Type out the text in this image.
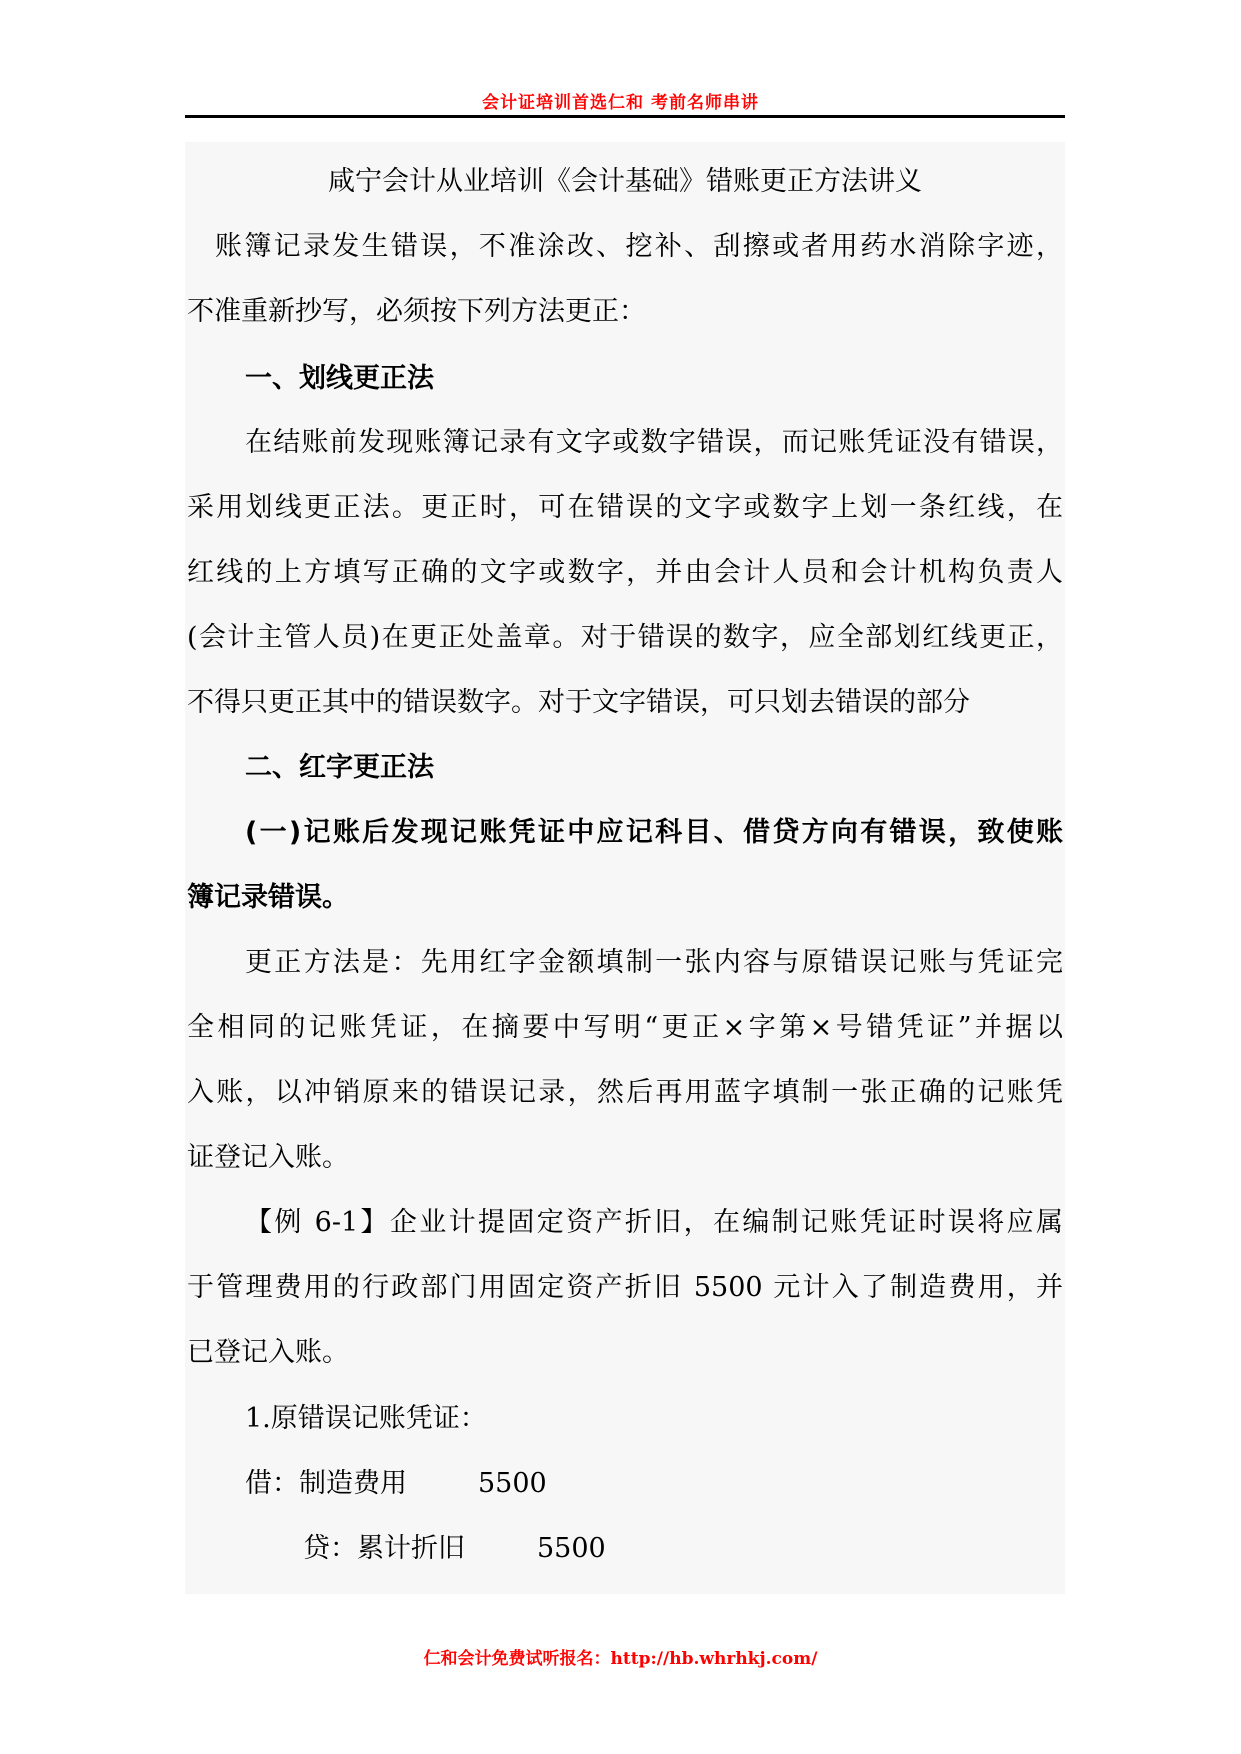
会计证培训首选仁和 考前名师串讲
咸宁会计从业培训《会计基础》错账更正方法讲义
账簿记录发生错误，不准涂改、挖补、刮擦或者用药水消除字迹，
不准重新抄写，必须按下列方法更正：
一、划线更正法
在结账前发现账簿记录有文字或数字错误，而记账凭证没有错误，
采用划线更正法。更正时，可在错误的文字或数字上划一条红线，在
红线的上方填写正确的文字或数字，并由会计人员和会计机构负责人
(会计主管人员)在更正处盖章。对于错误的数字，应全部划红线更正，
不得只更正其中的错误数字。对于文字错误，可只划去错误的部分
二、红字更正法
(一)记账后发现记账凭证中应记科目、借贷方向有错误，致使账
簿记录错误。
更正方法是：先用红字金额填制一张内容与原错误记账与凭证完
全相同的记账凭证，在摘要中写明“更正×字第×号错凭证”并据以
入账，以冲销原来的错误记录，然后再用蓝字填制一张正确的记账凭
证登记入账。
【例 6-1】企业计提固定资产折旧，在编制记账凭证时误将应属
于管理费用的行政部门用固定资产折旧 5500 元计入了制造费用，并
已登记入账。
1.原错误记账凭证：
借：制造费用	5500
贷：累计折旧	5500
仁和会计免费试听报名：http://hb.whrhkj.com/
